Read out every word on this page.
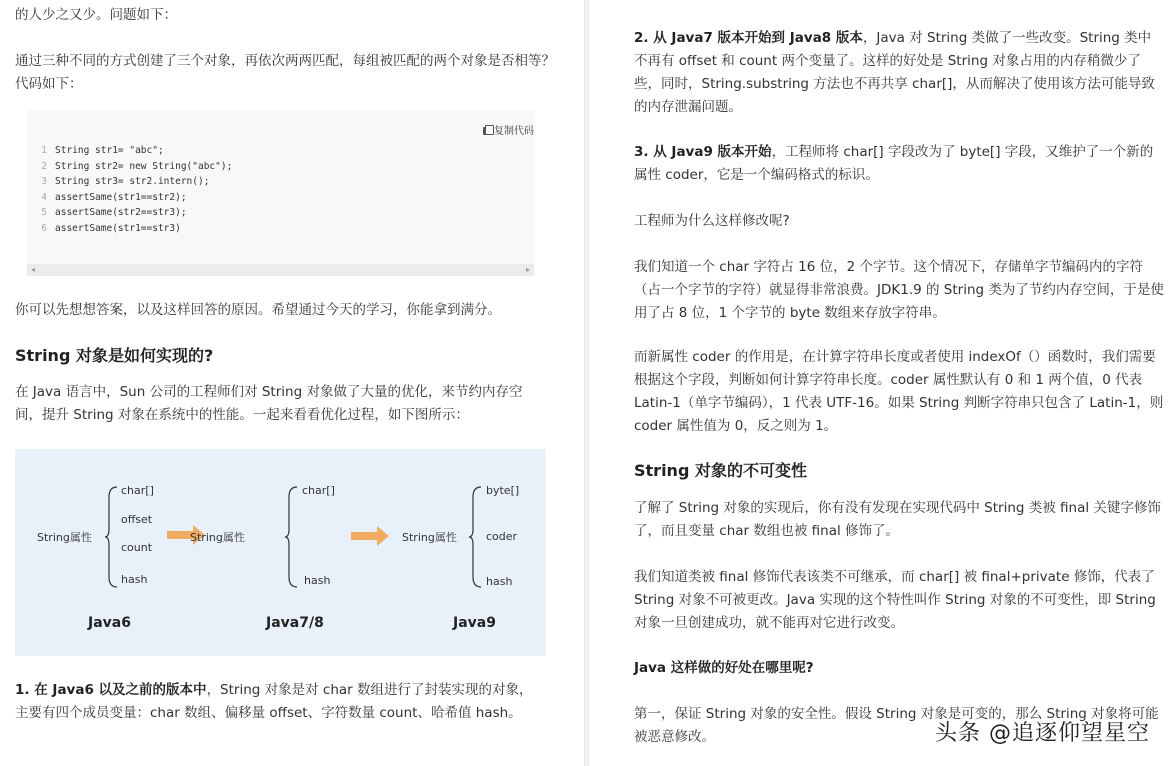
的人少之又少。问题如下：
通过三种不同的方式创建了三个对象，再依次两两匹配，每组被匹配的两个对象是否相等？代码如下：
复制代码
1 String str1= "abc";
2 String str2= new String("abc");
3 String str3= str2.intern();
4 assertSame(str1==str2);
5 assertSame(str2==str3);
6 assertSame(str1==str3)
◂	▸
你可以先想想答案，以及这样回答的原因。希望通过今天的学习，你能拿到满分。
String 对象是如何实现的?
在 Java 语言中，Sun 公司的工程师们对 String 对象做了大量的优化，来节约内存空间，提升 String 对象在系统中的性能。一起来看看优化过程，如下图所示：
String属性
char[]
offset
count
hash
Java6
String属性
char[]
hash
Java7/8
String属性
byte[]
coder
hash
Java9
1. 在 Java6 以及之前的版本中，String 对象是对 char 数组进行了封装实现的对象，主要有四个成员变量：char 数组、偏移量 offset、字符数量 count、哈希值 hash。
2. 从 Java7 版本开始到 Java8 版本，Java 对 String 类做了一些改变。String 类中不再有 offset 和 count 两个变量了。这样的好处是 String 对象占用的内存稍微少了些，同时，String.substring 方法也不再共享 char[]，从而解决了使用该方法可能导致的内存泄漏问题。
3. 从 Java9 版本开始，工程师将 char[] 字段改为了 byte[] 字段，又维护了一个新的属性 coder，它是一个编码格式的标识。
工程师为什么这样修改呢?
我们知道一个 char 字符占 16 位，2 个字节。这个情况下，存储单字节编码内的字符（占一个字节的字符）就显得非常浪费。JDK1.9 的 String 类为了节约内存空间，于是使用了占 8 位，1 个字节的 byte 数组来存放字符串。
而新属性 coder 的作用是，在计算字符串长度或者使用 indexOf（）函数时，我们需要根据这个字段，判断如何计算字符串长度。coder 属性默认有 0 和 1 两个值，0 代表 Latin-1（单字节编码），1 代表 UTF-16。如果 String 判断字符串只包含了 Latin-1，则 coder 属性值为 0，反之则为 1。
String 对象的不可变性
了解了 String 对象的实现后，你有没有发现在实现代码中 String 类被 final 关键字修饰了，而且变量 char 数组也被 final 修饰了。
我们知道类被 final 修饰代表该类不可继承，而 char[] 被 final+private 修饰，代表了 String 对象不可被更改。Java 实现的这个特性叫作 String 对象的不可变性，即 String 对象一旦创建成功，就不能再对它进行改变。
Java 这样做的好处在哪里呢?
第一，保证 String 对象的安全性。假设 String 对象是可变的，那么 String 对象将可能被恶意修改。	头条 @追逐仰望星空
